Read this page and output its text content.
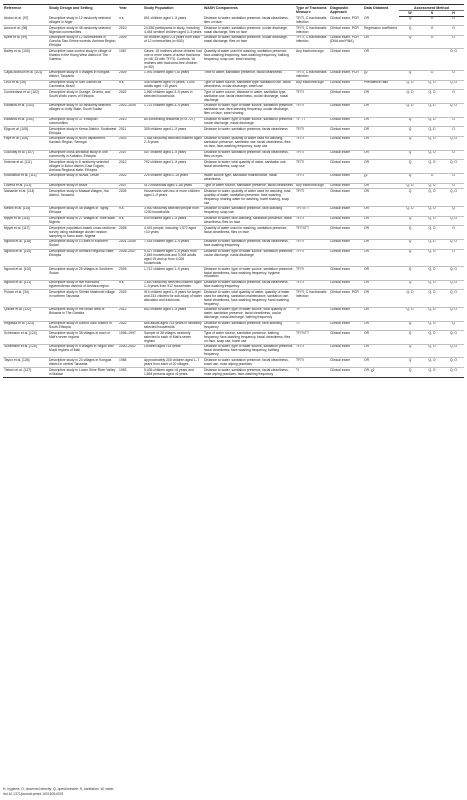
Reference	Study Design and Setting	Year	Study Population	WASH Components	Type of Trachoma Measure	Diagnostic Approach	Data Obtained	Assessment Method		
								W	S	H
Abdou et al. [97]	Descriptive study in 12 randomly selected villages in Niger	n.s.	691 children aged 1–5 years	Distance to water, sanitation presence, facial cleanliness, flies on face	TF/TI, C trachomatis infection	Clinical exam, PCR	OR	Q	O	O
Amza et al. [98]	Descriptive study in 48 randomly selected Nigerian communities	2010	24,536 participants in study, including 4,484 sentinel children aged 0–5 years	Distance to water, sanitation presence, ocular discharge, nasal discharge, flies on face	TF/TI, C trachomatis infection	Clinical exam, PCR	Regression coefficient	Q	O	O
Ayele et al. [99]	Descriptive study in 12 communities in Goncha Siso Enese woreda, Amhara Region, Ethiopia	2009	50 children aged 0–9 years from each of 12 communities (n=600)	Distance to water, sanitation presence, ocular discharge, nasal discharge, flies on face	TF/TI, C trachomatis infection	Clinical exam, PCR (DNA and RNA)	OR	Q	O	O
Bailey et al. [100]	Descriptive case-control study in village of Kiwaha in the Kiang West district of The Gambia	1987	Cases: 18 mothers whose children had one or more cases of active trachoma (n=48; 33 with TF/TI). Controls: 16 mothers with trachoma-free children (n=50)	Quantity of water used for washing, sanitation presence, face-washing frequency, face-washing frequency, bathing frequency, soap use, towel sharing	Any trachoma sign	Clinical exam	OR			O, O
Cajas-Monson et al. [101]	Descriptive study in 4 villages in Kongwa district, Tanzania	2009	1,991 children aged <10 years	Time to water, sanitation presence, facial cleanliness	TF/TI, C trachomatis infection	Clinical exam, PCR	χ2	Q	O	O
Cruz et al. [35]	Descriptive study in San Gabriel da Cachoeira, Brazil	n.s.	448 children aged <9 years; 1,004 adults aged >15 years	Type of water source, sanitation type, sanitation use, facial cleanliness, ocular discharge, towel use	Any trachoma sign	Clinical exam	Prevalence ratio	Q, O	Q, O	Q, O
Cumberland et al. [102]	Descriptive study in Gurage, Oromia, and South Wollo zones of Ethiopia	2002	1,960 children aged 3–9 years in selected households	Type of water source, distance to water, sanitation type, sanitation use, facial cleanliness, ocular discharge, nasal discharge	TF/TI	Clinical exam	OR	Q, O	Q, O	O
Edwards et al. [103]	Descriptive study in 40 randomly selected villages in Unity State, South Sudan	2002–2005	1,722 children aged 3–9 years	Distance to water, type of water source, sanitation presence, sanitation use, face-washing frequency, ocular discharge, flies on face, towel sharing	TF/TI	Clinical exam	OR	Q, O	Q, O	Q, O
Edwards et al. [104]	Descriptive study in 37 Ethiopian communities	2010	All consenting residents (n=5,727)	Distance to water, type of water source, sanitation presence, ocular discharge, nasal discharge	TF, TT	Clinical exam	OR	Q	Q, O	O
Ejigu et al. [105]	Descriptive study in Kersa District, Southwest Ethiopia	2011	305 children aged 1–9 years	Distance to water, sanitation presence, facial cleanliness	TF/TI	Clinical exam	OR	Q	Q, O	O
Faye et al. [106]	Descriptive study in Nioro department, Kaolack Region, Senegal	2003	1,468 randomly selected children aged 2–5 years	Distance to water, quantity of water used for washing, sanitation presence, sanitation use, facial cleanliness, flies on face, face-washing frequency, soap use	TF/TI	Clinical exam	OR	Q	Q, O	Q, O
Golovaty et al. [107]	Descriptive cross-sectional study in one community in Kabalinr, Ethiopia	2007	507 children aged 1–9 years	Distance to water, sanitation presence, facial cleanliness, flies on eyes	TF/TI	Clinical exam	OR	Q	Q, O	O
Ketema et al. [111]	Descriptive study in 6 randomly selected villages in Ilubor district, East Gojjam, Amhara Regional state, Ethiopia	2012	792 children aged 1–9 years	Distance to water, total quantity of water, sanitation use, facial cleanliness, soap use	TF/TI	Clinical exam	OR	Q	Q, O	Q, O
Khandekar et al. [112]	Descriptive study in Nizwa, Oman	2002	229 children aged 0–15 years	Water source type, sanitation maintenance, facial cleanliness	TF/TI	Clinical exam	χ2	Q	O	O
Lucena et al. [113]	Descriptive study in Brazil	2007	412 individuals aged 1–86 years	Type of water source, sanitation presence, facial cleanliness	Any trachoma sign	Clinical exam	OR	Q, O	Q, O	O
Mahande et al. [114]	Descriptive study in Maasai villages, Hai district, Tanzania	2005	Households with two or more children aged 1–9 years	Distance to water, quantity of water used for washing, total quantity of water, sanitation presence, face-washing frequency, sharing water for washing, towel sharing, soap use	TF/TI	Clinical exam	OR	Q	Q, O	Q, O
Mesfin et al. [115]	Descriptive study in 48 villages in Tigray, Ethiopia	n.s.	3,900 randomly selected people from 1200 households	Distance to water, sanitation presence, face-washing frequency, soap use	TF/TI/TT	Clinical exam	OR	Q, O	Q, O	Q
Mpyet et al. [116]	Descriptive study in 27 villages in Yobe state, Nigeria	n.s.	639 children aged 1–5 years	Distance to water, face-washing, sanitation presence, facial cleanliness, flies on face	TF/TI	Clinical exam	OR	Q	Q, O	Q, O
Mpyet et al. [117]	Descriptive population-based cross-sectional survey using multistage cluster random sampling in Kano state, Nigeria	2008	4,491 people, including 1,572 aged <10 years	Quantity of water used for washing, sanitation presence, facial cleanliness, flies on face	TF/TI/TT	Clinical exam	OR	Q	Q, O	O
Ngondi et al. [118]	Descriptive study in 10 sites in southern Sudan	2001–2006	7,418 children aged 1–9 years	Distance to water, sanitation presence, facial cleanliness, face-washing frequency	TF/TI	Clinical exam	OR	Q	Q, O	Q, O
Ngondi et al. [119]	Descriptive study in Amhara Regional State, Ethiopia	2006–2007	5,427 children aged 1–9 years from 2,845 households and 9,098 adults aged 15 and up from 4,026 households	Distance to water, type of water source, sanitation presence, ocular discharge, nasal discharge	TF/TI	Clinical exam	OR	Q	Q, O	O
Ngondi et al. [120]	Descriptive study in 25 villages in Southern Sudan	2005	1,712 children aged 1–9 years	Distance to water, type of water source, sanitation presence, facial cleanliness, face-washing frequency, hygiene education	TF/TI	Clinical exam	OR	Q	Q, O	Q, O
Ngondi et al. [121]	Descriptive study in five trachoma hyperendemic districts of Amhara region	n.s.	1,810 randomly selected children aged 1–9 years from 912 households	Distance to water, sanitation presence, facial cleanliness, face-washing frequency	TF/TI	Clinical exam	OR	Q	Q, O	Q, O
Polack et al. [34]	Descriptive study in Shimbi Mashimbi village in northern Tanzania	2003	914 children aged 1–9 years for target and 233 children for sub-study of water allocation and trachoma	Distance to water, total quantity of water, quantity of water used for washing, sanitation maintenance, sanitation use, facial cleanliness, face-washing frequency, hand washing frequency	TF/TI, C trachomatis infection	Clinical exam, PCR	OR	Q, O	Q, O	Q, O
Quicke et al. [122]	Descriptive study in the urban area of Brikama in The Gambia	2012	652 children aged 1–9 years	Distance to water, type of water source, total quantity of water, sanitation presence, facial cleanliness, ocular discharge, nasal discharge, bathing frequency	TF	Clinical exam	OR	Q, O	Q, O	Q, O
Regassa et al. [123]	Descriptive study in Damot Galo District of South Ethiopia	2002	855 adults aged >15 years in randomly selected households	Distance to water, sanitation presence, face-washing frequency	TT	Clinical exam	OR	Q	Q, O	Q
Schemann et al. [124]	Descriptive study in 38 villages in each of Mali's seven regions	1996–1997	Sample of 38 villages randomly selected in each of Mali's seven regions	Type of water source, sanitation presence, bathing frequency, face-washing frequency, facial cleanliness, flies on face, soap use, towel use	TF/TI/TT	Clinical exam	OR	Q	Q, O	Q, O
Schemann et al. [125]	Descriptive study in 9 villages in Segou and Mopti regions of Mali	2000–2002	Children aged <15 years	Distance to water, type of water source, sanitation presence, facial cleanliness, face-washing frequency, bathing frequency	TF/TI	Clinical exam	OR	Q	Q, O	Q, O
Taylor et al. [126]	Descriptive study in 20 villages in Kongwa district in central Tanzania	1986	Approximately 200 children aged 1–7 years from each of 20 villages	Distance to water, sanitation presence, facial cleanliness, towel use, nose wiping practices	TF/TI	Clinical exam	OR	Q	Q, O	Q, O
Tielsch et al. [127]	Descriptive study in Lower Shire River Valley in Malawi	1983	5,436 children aged <6 years and 1,664 persons aged >6 years	Distance to water, sanitation presence, facial cleanliness, nose wiping practices, face-washing frequency	TI	Clinical exam	OR, χ2	Q	Q, O	Q, O
H, hygiene; O, observed directly; Q, questionnaire; S, sanitation; W, water.
doi:10.1371/journal.pmed.1001605.t009
